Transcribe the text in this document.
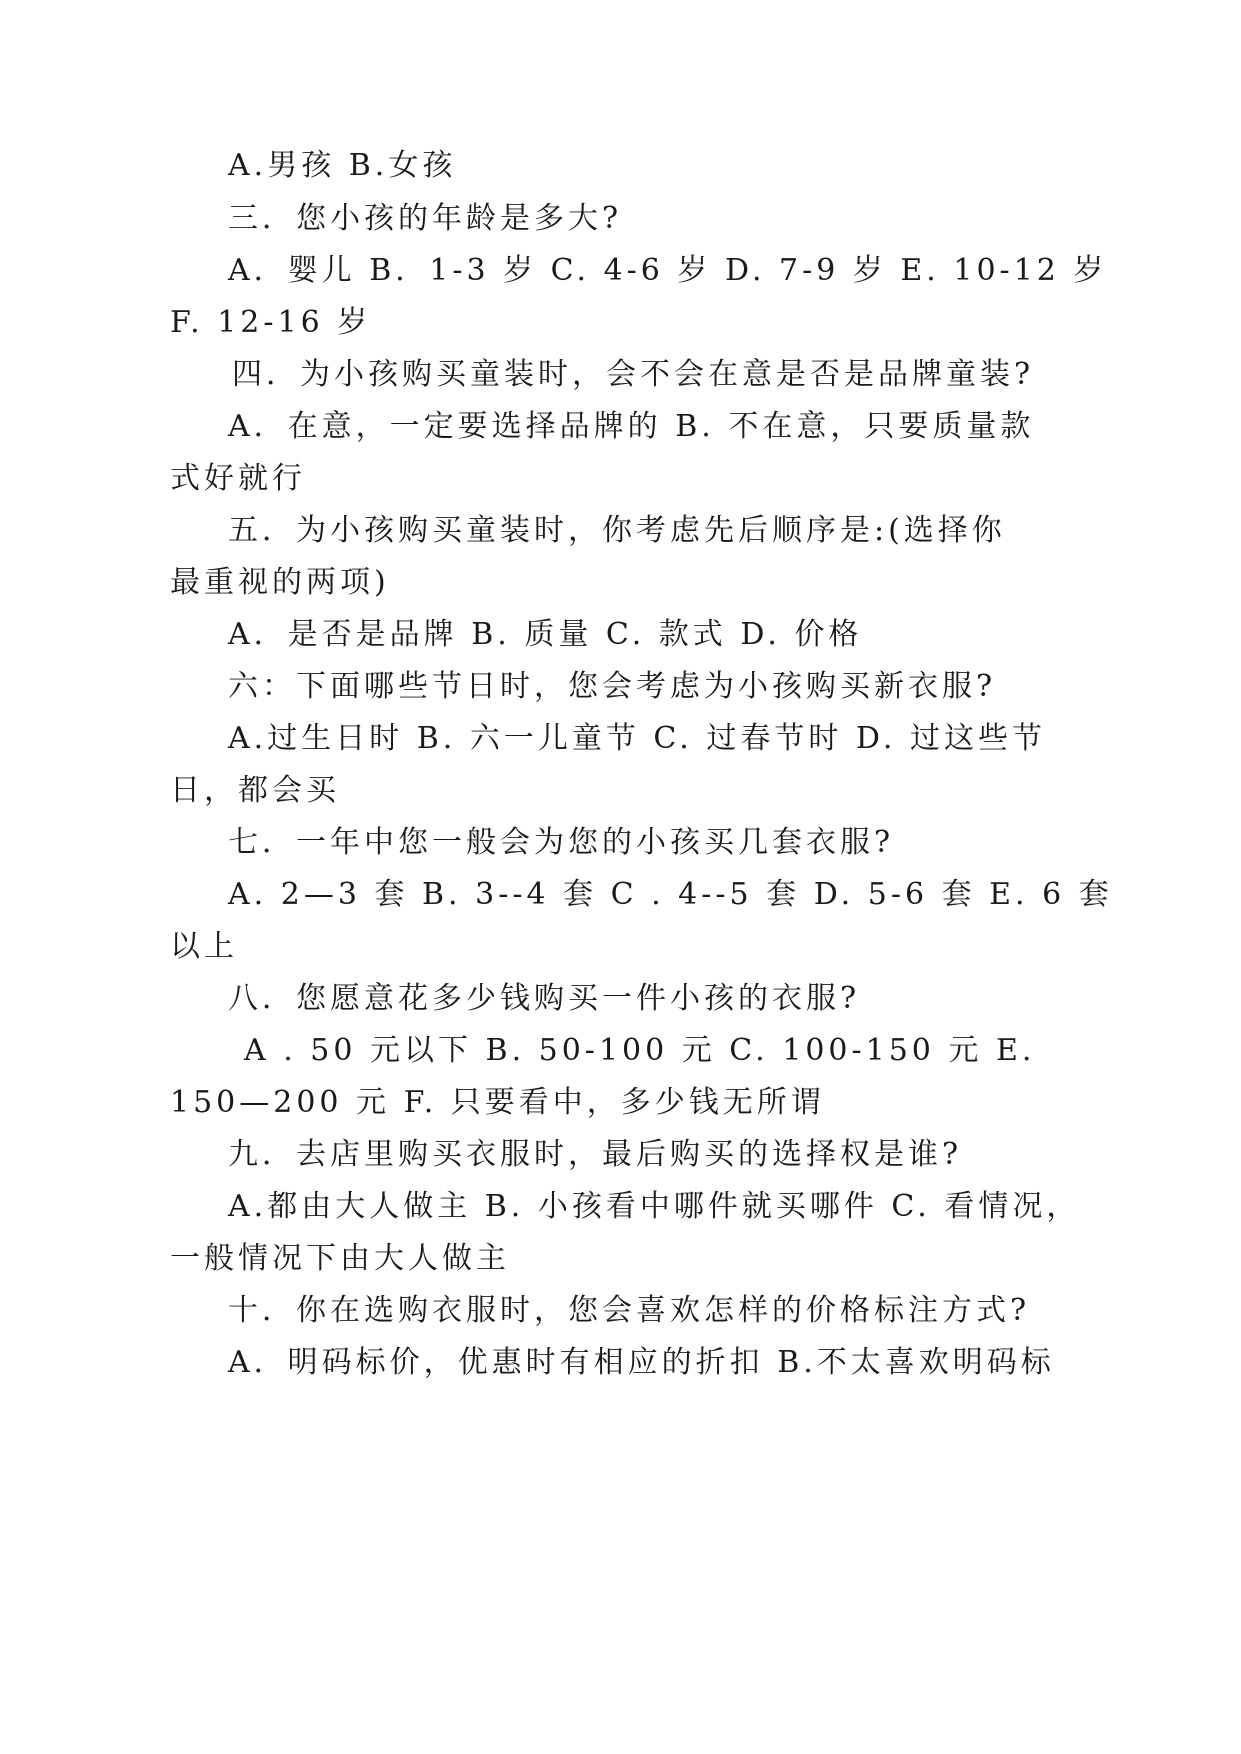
A.男孩 B.女孩
三．您小孩的年龄是多大?
A．婴儿 B．1-3 岁 C. 4-6 岁 D. 7-9 岁 E. 10-12 岁
F. 12-16 岁
四．为小孩购买童装时，会不会在意是否是品牌童装?
A．在意，一定要选择品牌的 B. 不在意，只要质量款
式好就行
五．为小孩购买童装时，你考虑先后顺序是:(选择你
最重视的两项)
A．是否是品牌 B. 质量 C. 款式 D. 价格
六：下面哪些节日时，您会考虑为小孩购买新衣服?
A.过生日时 B. 六一儿童节 C. 过春节时 D. 过这些节
日，都会买
七．一年中您一般会为您的小孩买几套衣服?
A. 2—3 套 B. 3--4 套 C . 4--5 套 D. 5-6 套 E. 6 套
以上
八．您愿意花多少钱购买一件小孩的衣服?
A . 50 元以下 B. 50-100 元 C. 100-150 元 E.
150—200 元 F. 只要看中，多少钱无所谓
九．去店里购买衣服时，最后购买的选择权是谁?
A.都由大人做主 B. 小孩看中哪件就买哪件 C. 看情况，
一般情况下由大人做主
十．你在选购衣服时，您会喜欢怎样的价格标注方式?
A．明码标价，优惠时有相应的折扣 B.不太喜欢明码标
